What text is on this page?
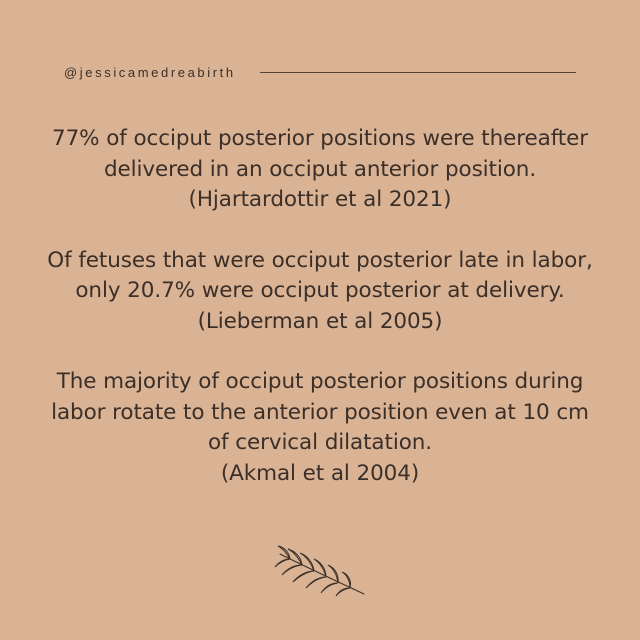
@jessicamedreabirth

77% of occiput posterior positions were thereafter

delivered in an occiput anterior position.

(Hjartardottir et al 2021)

Of fetuses that were occiput posterior late in labor,

only 20.7% were occiput posterior at delivery.

(Lieberman et al 2005)

The majority of occiput posterior positions during

labor rotate to the anterior position even at 10 cm

of cervical dilatation.

(Akmal et al 2004)
